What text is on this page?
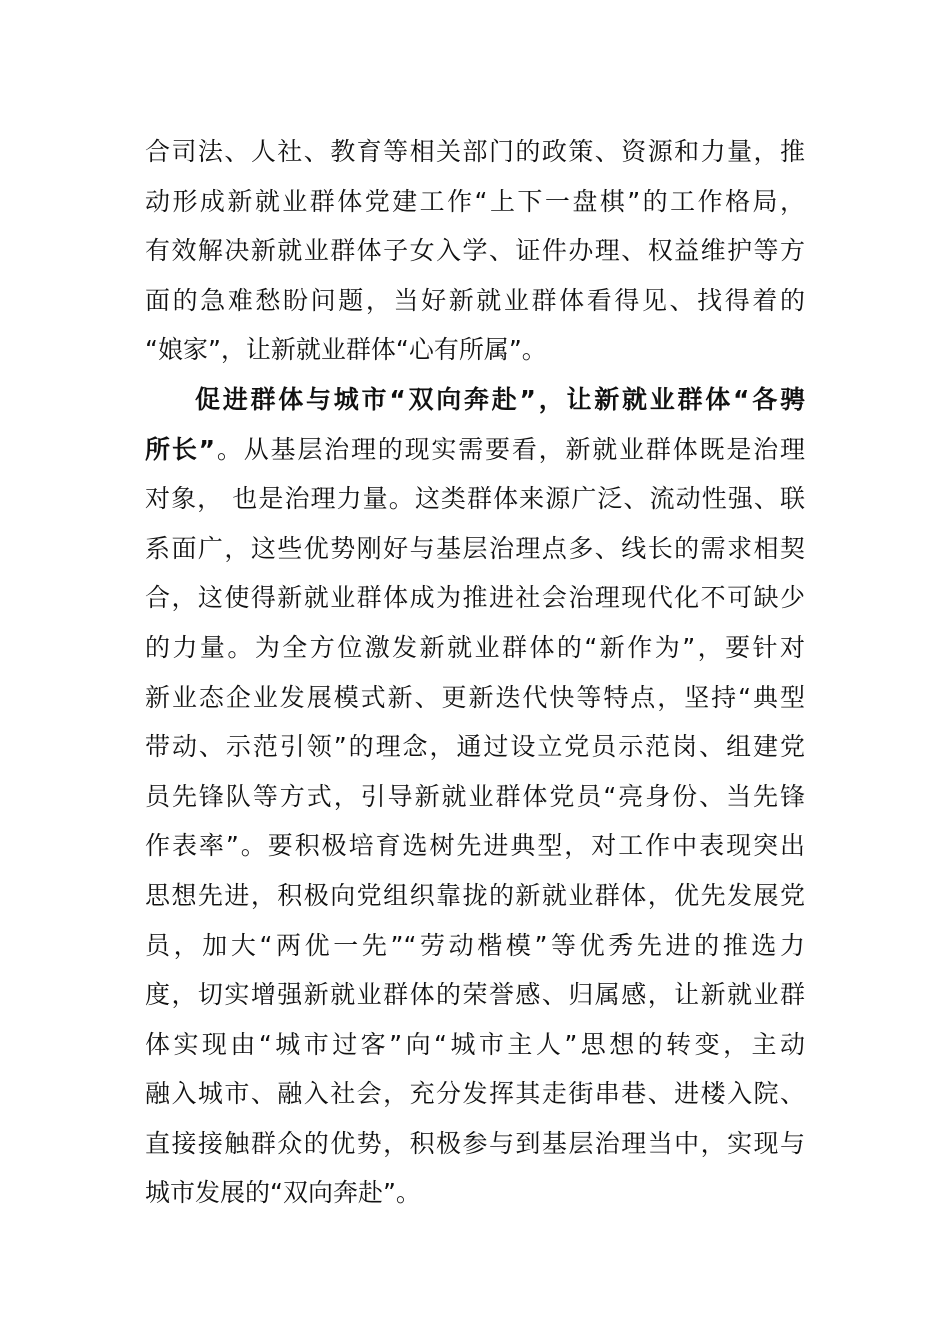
合司法、人社、教育等相关部门的政策、资源和力量，推
动形成新就业群体党建工作“上下一盘棋”的工作格局，
有效解决新就业群体子女入学、证件办理、权益维护等方
面的急难愁盼问题，当好新就业群体看得见、找得着的
“娘家”，让新就业群体“心有所属”。
促进群体与城市“双向奔赴”，让新就业群体“各骋
所长”。从基层治理的现实需要看，新就业群体既是治理
对象， 也是治理力量。这类群体来源广泛、流动性强、联
系面广，这些优势刚好与基层治理点多、线长的需求相契
合，这使得新就业群体成为推进社会治理现代化不可缺少
的力量。为全方位激发新就业群体的“新作为”，要针对
新业态企业发展模式新、更新迭代快等特点，坚持“典型
带动、示范引领”的理念，通过设立党员示范岗、组建党
员先锋队等方式，引导新就业群体党员“亮身份、当先锋
作表率”。要积极培育选树先进典型，对工作中表现突出
思想先进，积极向党组织靠拢的新就业群体，优先发展党
员，加大“两优一先”“劳动楷模”等优秀先进的推选力
度，切实增强新就业群体的荣誉感、归属感，让新就业群
体实现由“城市过客”向“城市主人”思想的转变，主动
融入城市、融入社会，充分发挥其走街串巷、进楼入院、
直接接触群众的优势，积极参与到基层治理当中，实现与
城市发展的“双向奔赴”。
